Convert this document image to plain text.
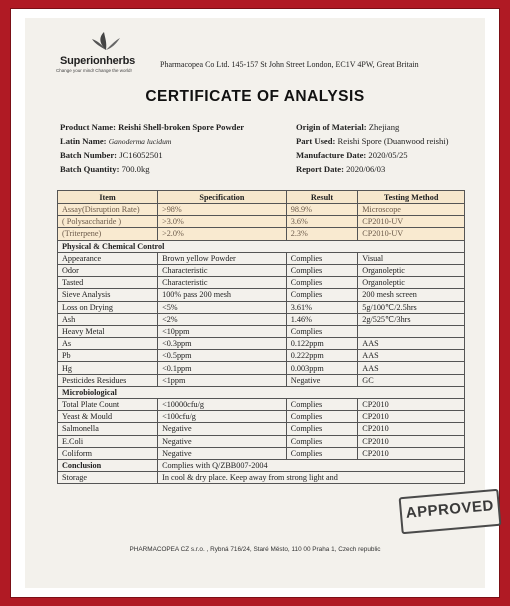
Superionherbs
Change your mind! Change the world!
Pharmacopea Co Ltd. 145-157 St John Street London, EC1V 4PW, Great Britain
CERTIFICATE OF ANALYSIS
Product Name: Reishi Shell-broken Spore Powder
Latin Name: Ganoderma lucidum
Batch Number: JC16052501
Batch Quantity: 700.0kg
Origin of Material: Zhejiang
Part Used: Reishi Spore (Duanwood reishi)
Manufacture Date: 2020/05/25
Report Date: 2020/06/03
Item	Specification	Result	Testing Method
Assay(Disruption Rate)	>98%	98.9%	Microscope
( Polysaccharide )	>3.0%	3.6%	CP2010-UV
(Triterpene)	>2.0%	2.3%	CP2010-UV
Physical & Chemical Control			
Appearance	Brown yellow Powder	Complies	Visual
Odor	Characteristic	Complies	Organoleptic
Tasted	Characteristic	Complies	Organoleptic
Sieve Analysis	100% pass 200 mesh	Complies	200 mesh screen
Loss on Drying	<5%	3.61%	5g/100℃/2.5hrs
Ash	<2%	1.46%	2g/525℃/3hrs
Heavy Metal	<10ppm	Complies	
As	<0.3ppm	0.122ppm	AAS
Pb	<0.5ppm	0.222ppm	AAS
Hg	<0.1ppm	0.003ppm	AAS
Pesticides Residues	<1ppm	Negative	GC
Microbiological			
Total Plate Count	<10000cfu/g	Complies	CP2010
Yeast & Mould	<100cfu/g	Complies	CP2010
Salmonella	Negative	Complies	CP2010
E.Coli	Negative	Complies	CP2010
Coliform	Negative	Complies	CP2010
Conclusion	Complies with Q/ZBB007-2004		
Storage	In cool & dry place. Keep away from strong light and		
APPROVED
PHARMACOPEA CZ s.r.o. , Rybná 716/24, Staré Město, 110 00 Praha 1, Czech republic
